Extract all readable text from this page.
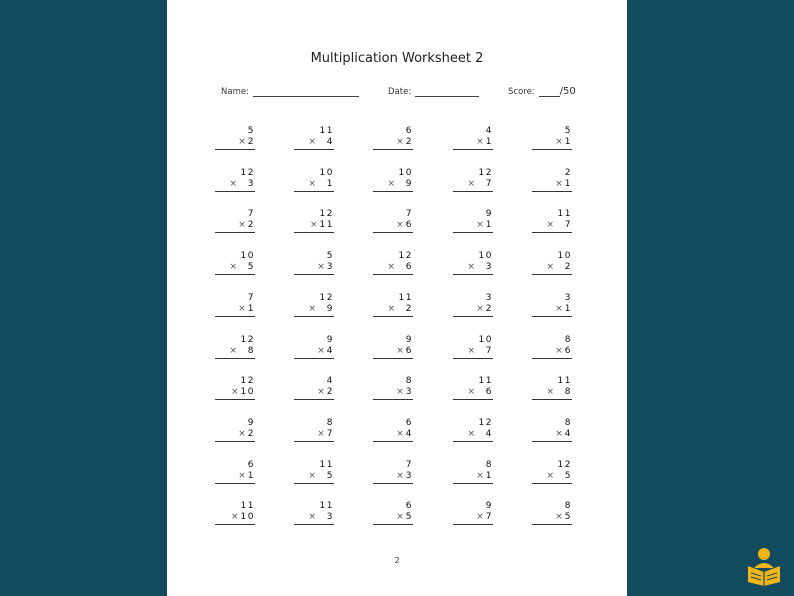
Multiplication Worksheet 2
Name:	Date:	Score:	/50
5
× 2
12
×	3
7
× 2
10
×	5
7
× 1
12
×	8
12
× 10
9
× 2
6
× 1
11
× 10
11
×	4
10
×	1
12
× 11
5
× 3
12
×	9
9
× 4
4
× 2
8
× 7
11
×	5
11
×	3
6
× 2
10
×	9
7
× 6
12
×	6
11
×	2
9
× 6
8
× 3
6
× 4
7
× 3
6
× 5
4
× 1
12
×	7
9
× 1
10
×	3
3
× 2
10
×	7
11
×	6
12
×	4
8
× 1
9
× 7
5
× 1
2
× 1
11
×	7
10
×	2
3
× 1
8
× 6
11
×	8
8
× 4
12
×	5
8
× 5
2
